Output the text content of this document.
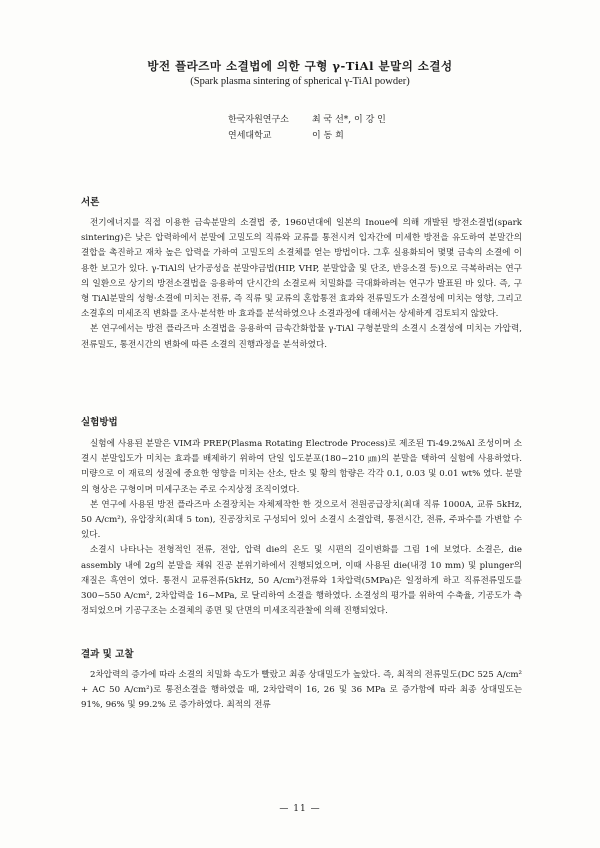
방전 플라즈마 소결법에 의한 구형 γ-TiAl 분말의 소결성
(Spark plasma sintering of spherical γ-TiAl powder)
한국자원연구소	최 국 선*, 이 강 인
연세대학교	이 동 희
서론

전기에너지를 직접 이용한 금속분말의 소결법 중, 1960년대에 일본의 Inoue에 의해 개발된 방전소결법(spark sintering)은 낮은 압력하에서 분말에 고밀도의 직류와 교류를 통전시켜 입자간에 미세한 방전을 유도하여 분말간의 결합을 촉진하고 재차 높은 압력을 가하여 고밀도의 소결체를 얻는 방법이다. 그후 실용화되어 몇몇 금속의 소결에 이용한 보고가 있다. γ-TiAl의 난가공성을 분말야금법(HIP, VHP, 분말압출 및 단조, 반응소결 등)으로 극복하려는 연구의 일환으로 상기의 방전소결법을 응용하여 단시간의 소결로써 치밀화를 극대화하려는 연구가 발표된 바 있다. 즉, 구형 TiAl분말의 성형·소결에 미치는 전류, 즉 직류 및 교류의 혼합통전 효과와 전류밀도가 소결성에 미치는 영향, 그리고 소결후의 미세조직 변화를 조사·분석한 바 효과를 분석하였으나 소결과정에 대해서는 상세하게 검토되지 않았다.

본 연구에서는 방전 플라즈마 소결법을 응용하여 금속간화합물 γ-TiAl 구형분말의 소결시 소결성에 미치는 가압력, 전류밀도, 통전시간의 변화에 따른 소결의 진행과정을 분석하였다.

실험방법

실험에 사용된 분말은 VIM과 PREP(Plasma Rotating Electrode Process)로 제조된 Ti-49.2%Al 조성이며 소결시 분말입도가 미치는 효과를 배제하기 위하여 단일 입도분포(180~210 ㎛)의 분말을 택하여 실험에 사용하였다. 미량으로 이 재료의 성질에 중요한 영향을 미치는 산소, 탄소 및 황의 함량은 각각 0.1, 0.03 및 0.01 wt% 였다. 분말의 형상은 구형이며 미세구조는 주로 수지상정 조직이였다.

본 연구에 사용된 방전 플라즈마 소결장치는 자체제작한 한 것으로서 전원공급장치(최대 직류 1000A, 교류 5kHz, 50 A/cm²), 유압장치(최대 5 ton), 진공장치로 구성되어 있어 소결시 소결압력, 통전시간, 전류, 주파수를 가변할 수 있다.

소결시 나타나는 전형적인 전류, 전압, 압력 die의 온도 및 시편의 길이변화를 그림 1에 보였다. 소결은, die assembly 내에 2g의 분말을 채워 진공 분위기하에서 진행되었으며, 이때 사용된 die(내경 10 mm) 및 plunger의 재질은 흑연이 였다. 통전시 교류전류(5kHz, 50 A/cm²)전류와 1차압력(5MPa)은 일정하게 하고 직류전류밀도를 300~550 A/cm², 2차압력을 16~MPa, 로 달리하여 소결을 행하였다. 소결성의 평가를 위하여 수축율, 기공도가 측정되었으며 기공구조는 소결체의 종면 및 단면의 미세조직관찰에 의해 진행되었다.

결과 및 고찰

2차압력의 증가에 따라 소결의 치밀화 속도가 빨랐고 최종 상대밀도가 높았다. 즉, 최적의 전류밀도(DC 525 A/cm² + AC 50 A/cm²)로 통전소결을 행하였을 때, 2차압력이 16, 26 및 36 MPa 로 증가함에 따라 최종 상대밀도는 91%, 96% 및 99.2% 로 증가하였다. 최적의 전류

— 11 —
